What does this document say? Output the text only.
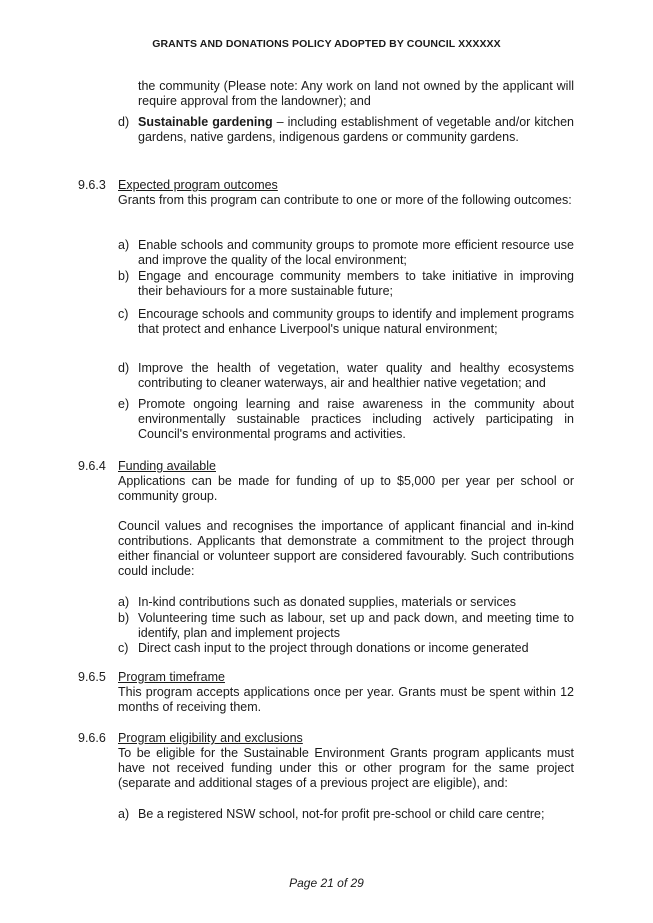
GRANTS AND DONATIONS POLICY ADOPTED BY COUNCIL XXXXXX

the community (Please note: Any work on land not owned by the applicant will require approval from the landowner); and

d) Sustainable gardening – including establishment of vegetable and/or kitchen gardens, native gardens, indigenous gardens or community gardens.
9.6.3 Expected program outcomes

Grants from this program can contribute to one or more of the following outcomes:

a) Enable schools and community groups to promote more efficient resource use and improve the quality of the local environment;
b) Engage and encourage community members to take initiative in improving their behaviours for a more sustainable future;
c) Encourage schools and community groups to identify and implement programs that protect and enhance Liverpool's unique natural environment;
d) Improve the health of vegetation, water quality and healthy ecosystems contributing to cleaner waterways, air and healthier native vegetation; and
e) Promote ongoing learning and raise awareness in the community about environmentally sustainable practices including actively participating in Council's environmental programs and activities.
9.6.4 Funding available

Applications can be made for funding of up to $5,000 per year per school or community group.

Council values and recognises the importance of applicant financial and in-kind contributions. Applicants that demonstrate a commitment to the project through either financial or volunteer support are considered favourably. Such contributions could include:

a) In-kind contributions such as donated supplies, materials or services
b) Volunteering time such as labour, set up and pack down, and meeting time to identify, plan and implement projects
c) Direct cash input to the project through donations or income generated
9.6.5 Program timeframe

This program accepts applications once per year. Grants must be spent within 12 months of receiving them.

9.6.6 Program eligibility and exclusions

To be eligible for the Sustainable Environment Grants program applicants must have not received funding under this or other program for the same project (separate and additional stages of a previous project are eligible), and:

a) Be a registered NSW school, not-for profit pre-school or child care centre;
Page 21 of 29
